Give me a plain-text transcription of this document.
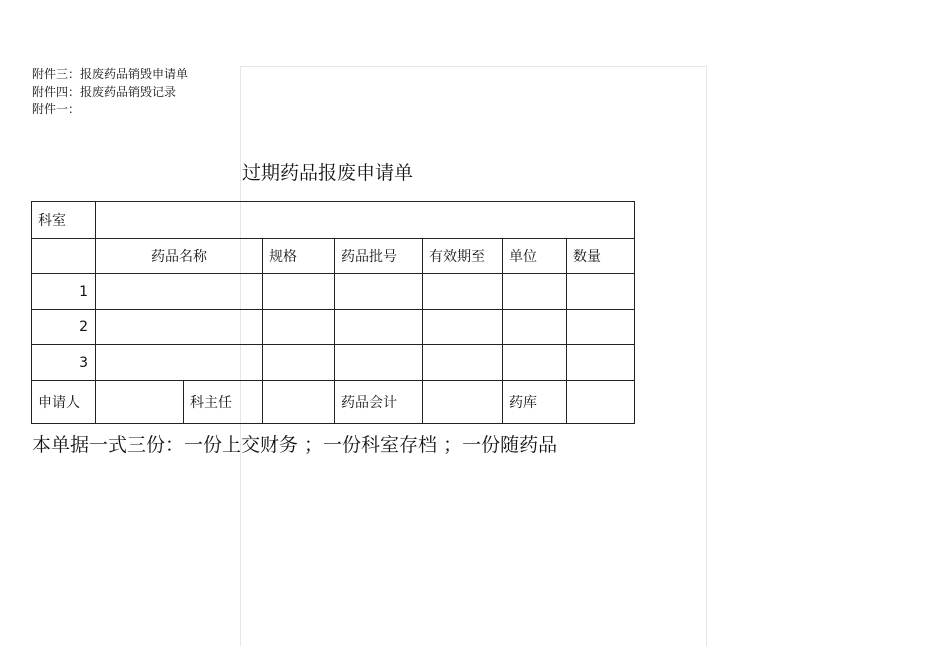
附件三：报废药品销毁申请单
附件四：报废药品销毁记录
附件一：
过期药品报废申请单
科室							
	药品名称		规格	药品批号	有效期至	单位	数量
1							
2							
3							
申请人		科主任		药品会计		药库	
本单据一式三份：一份上交财务 ；一份科室存档 ；一份随药品
